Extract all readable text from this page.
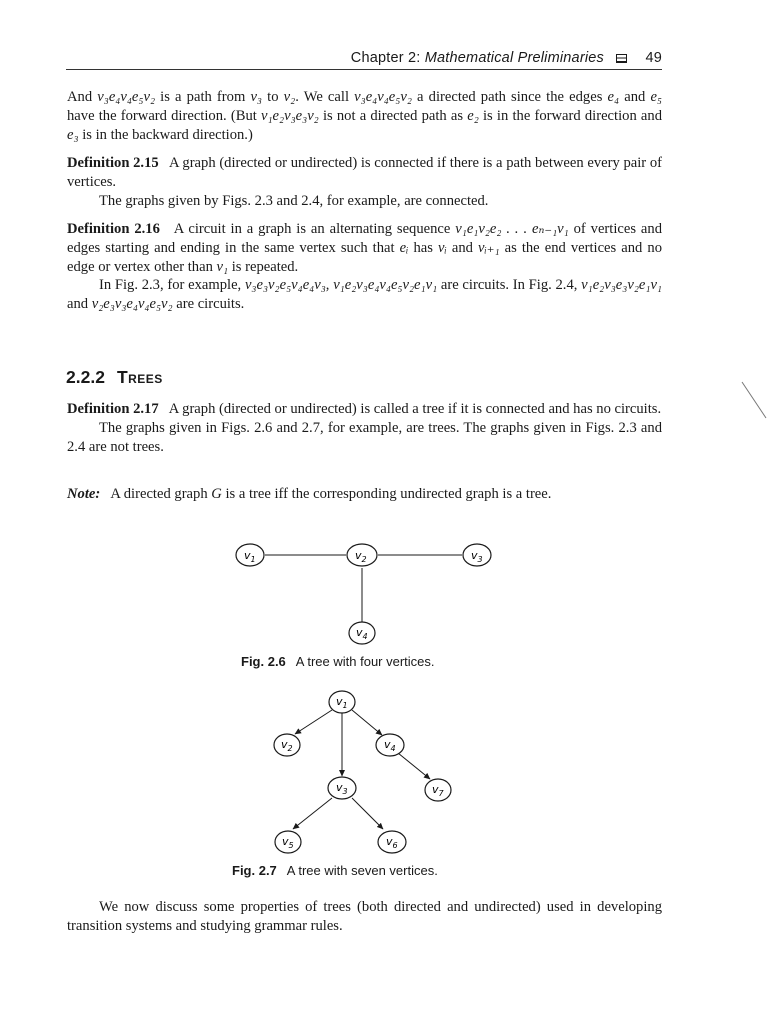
Chapter 2: Mathematical Preliminaries	49

And v₃e₄v₄e₅v₂ is a path from v₃ to v₂. We call v₃e₄v₄e₅v₂ a directed path since the edges e₄ and e₅ have the forward direction. (But v₁e₂v₃e₃v₂ is not a directed path as e₂ is in the forward direction and e₃ is in the backward direction.)

Definition 2.15 A graph (directed or undirected) is connected if there is a path between every pair of vertices.

The graphs given by Figs. 2.3 and 2.4, for example, are connected.

Definition 2.16 A circuit in a graph is an alternating sequence v₁e₁v₂e₂ . . . eₙ₋₁v₁ of vertices and edges starting and ending in the same vertex such that eᵢ has vᵢ and vᵢ₊₁ as the end vertices and no edge or vertex other than v₁ is repeated.

In Fig. 2.3, for example, v₃e₃v₂e₅v₄e₄v₃, v₁e₂v₃e₄v₄e₅v₂e₁v₁ are circuits. In Fig. 2.4, v₁e₂v₃e₃v₂e₁v₁ and v₂e₃v₃e₄v₄e₅v₂ are circuits.

2.2.2 Trees

Definition 2.17 A graph (directed or undirected) is called a tree if it is connected and has no circuits.

The graphs given in Figs. 2.6 and 2.7, for example, are trees. The graphs given in Figs. 2.3 and 2.4 are not trees.

Note: A directed graph G is a tree iff the corresponding undirected graph is a tree.

$v_1$	$v_2$	$v_3$
$v_4$
Fig. 2.6 A tree with four vertices.
$v_1$
$v_2$	$v_4$
$v_3$	$v_7$
$v_5$	$v_6$
Fig. 2.7 A tree with seven vertices.

We now discuss some properties of trees (both directed and undirected) used in developing transition systems and studying grammar rules.
